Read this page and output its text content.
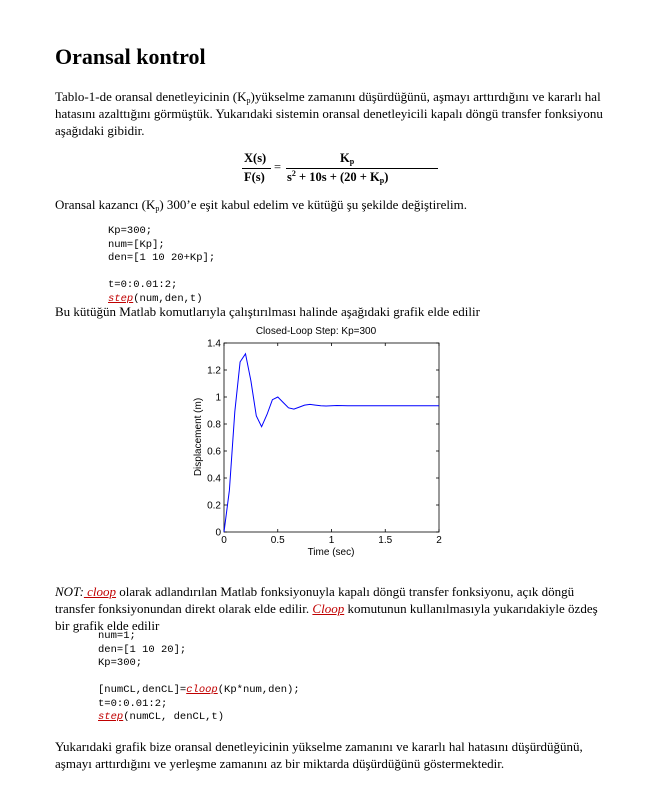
Oransal kontrol

Tablo-1-de oransal denetleyicinin $(K_p)yükselme$ zamanını düşürdüğünü, aşmayı arttırdığını ve kararlı hal hatasını azalttığını görmüştük. Yukarıdaki sistemin oransal denetleyicili kapalı döngü transfer fonksiyonu aşağıdaki gibidir.

X(s)
F(s)
=
$K_p$
$s^2 + 10s + (20 + K_p)$

Oransal kazancı $(K_p)$ 300’e eşit kabul edelim ve kütüğü şu şekilde değiştirelim.

Kp=300;
num=[Kp];
den=[1 10 20+Kp];

t=0:0.01:2;
step(num,den,t)

Bu kütüğün Matlab komutlarıyla çalıştırılması halinde aşağıdaki grafik elde edilir

Closed-Loop Step: Kp=300
0	0.5	1	1.5	2
0
0.2
0.4
0.6
0.8
1
1.2
1.4
Time (sec)
Displacement (m)

NOT: cloop olarak adlandırılan Matlab fonksiyonuyla kapalı döngü transfer fonksiyonu, açık döngü transfer fonksiyonundan direkt olarak elde edilir. Cloop komutunun kullanılmasıyla yukarıdakiyle özdeş bir grafik elde edilir

num=1;
den=[1 10 20];
Kp=300;

[numCL,denCL]=cloop(Kp*num,den);
t=0:0.01:2;
step(numCL, denCL,t)

Yukarıdaki grafik bize oransal denetleyicinin yükselme zamanını ve kararlı hal hatasını düşürdüğünü, aşmayı arttırdığını ve yerleşme zamanını az bir miktarda düşürdüğünü göstermektedir.
